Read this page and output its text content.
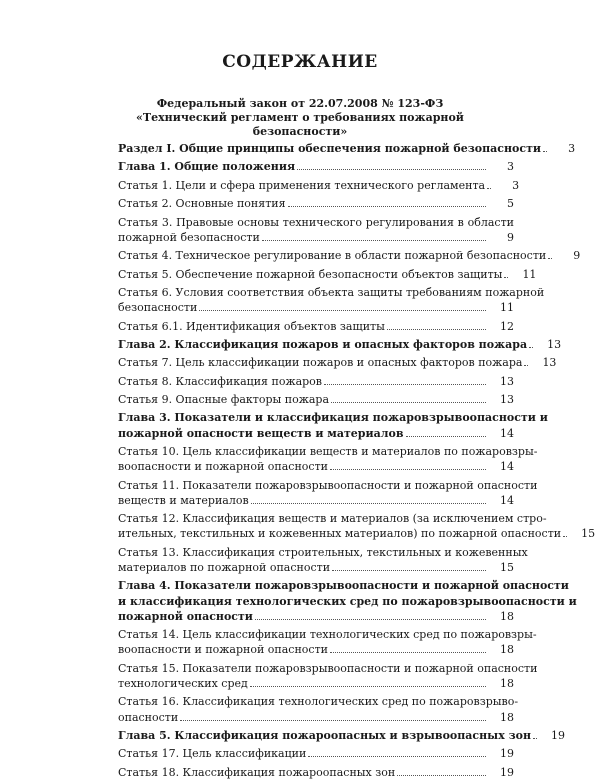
СОДЕРЖАНИЕ
Федеральный закон от 22.07.2008 № 123-ФЗ
«Технический регламент о требованиях пожарной безопасности»
Раздел I. Общие принципы обеспечения пожарной безопасности	3
Глава 1. Общие положения	3
Статья 1. Цели и сфера применения технического регламента	3
Статья 2. Основные понятия	5
Статья 3. Правовые основы технического регулирования в области
пожарной безопасности	9
Статья 4. Техническое регулирование в области пожарной безопасности	9
Статья 5. Обеспечение пожарной безопасности объектов защиты	11
Статья 6. Условия соответствия объекта защиты требованиям пожарной
безопасности	11
Статья 6.1. Идентификация объектов защиты	12
Глава 2. Классификация пожаров и опасных факторов пожара	13
Статья 7. Цель классификации пожаров и опасных факторов пожара	13
Статья 8. Классификация пожаров	13
Статья 9. Опасные факторы пожара	13
Глава 3. Показатели и классификация пожаровзрывоопасности и
пожарной опасности веществ и материалов	14
Статья 10. Цель классификации веществ и материалов по пожаровзры-
воопасности и пожарной опасности	14
Статья 11. Показатели пожаровзрывоопасности и пожарной опасности
веществ и материалов	14
Статья 12. Классификация веществ и материалов (за исключением стро-
ительных, текстильных и кожевенных материалов) по пожарной опасности	15
Статья 13. Классификация строительных, текстильных и кожевенных
материалов по пожарной опасности	15
Глава 4. Показатели пожаровзрывоопасности и пожарной опасности
и классификация технологических сред по пожаровзрывоопасности и
пожарной опасности	18
Статья 14. Цель классификации технологических сред по пожаровзры-
воопасности и пожарной опасности	18
Статья 15. Показатели пожаровзрывоопасности и пожарной опасности
технологических сред	18
Статья 16. Классификация технологических сред по пожаровзрыво-
опасности	18
Глава 5. Классификация пожароопасных и взрывоопасных зон	19
Статья 17. Цель классификации	19
Статья 18. Классификация пожароопасных зон	19
